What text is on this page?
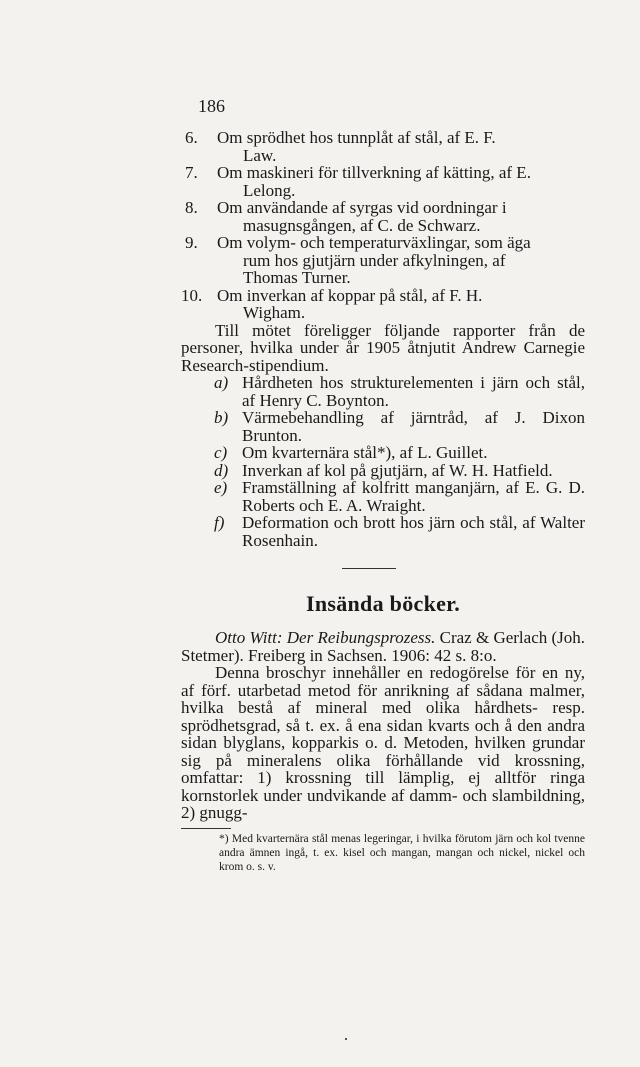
186
6. Om sprödhet hos tunnplåt af stål, af E. F.
Law.
7. Om maskineri för tillverkning af kätting, af E.
Lelong.
8. Om användande af syrgas vid oordningar i
masugnsgången, af C. de Schwarz.
9. Om volym- och temperaturväxlingar, som äga
rum hos gjutjärn under afkylningen, af
Thomas Turner.
10. Om inverkan af koppar på stål, af F. H.
Wigham.
Till mötet föreligger följande rapporter från de personer, hvilka under år 1905 åtnjutit Andrew Carnegie Research-stipendium.
a) Hårdheten hos strukturelementen i järn och stål, af Henry C. Boynton.
b) Värmebehandling af järntråd, af J. Dixon Brunton.
c) Om kvarternära stål*), af L. Guillet.
d) Inverkan af kol på gjutjärn, af W. H. Hatfield.
e) Framställning af kolfritt manganjärn, af E. G. D. Roberts och E. A. Wraight.
f) Deformation och brott hos järn och stål, af Walter Rosenhain.
Insända böcker.

Otto Witt: Der Reibungsprozess. Craz & Gerlach (Joh. Stetmer). Freiberg in Sachsen. 1906: 42 s. 8:o.

Denna broschyr innehåller en redogörelse för en ny, af förf. utarbetad metod för anrikning af sådana malmer, hvilka bestå af mineral med olika hårdhets- resp. sprödhetsgrad, så t. ex. å ena sidan kvarts och å den andra sidan blyglans, kopparkis o. d. Metoden, hvilken grundar sig på mineralens olika förhållande vid krossning, omfattar: 1) krossning till lämplig, ej alltför ringa kornstorlek under undvikande af damm- och slambildning, 2) gnugg-

*) Med kvarternära stål menas legeringar, i hvilka förutom järn och kol tvenne andra ämnen ingå, t. ex. kisel och mangan, mangan och nickel, nickel och krom o. s. v.
